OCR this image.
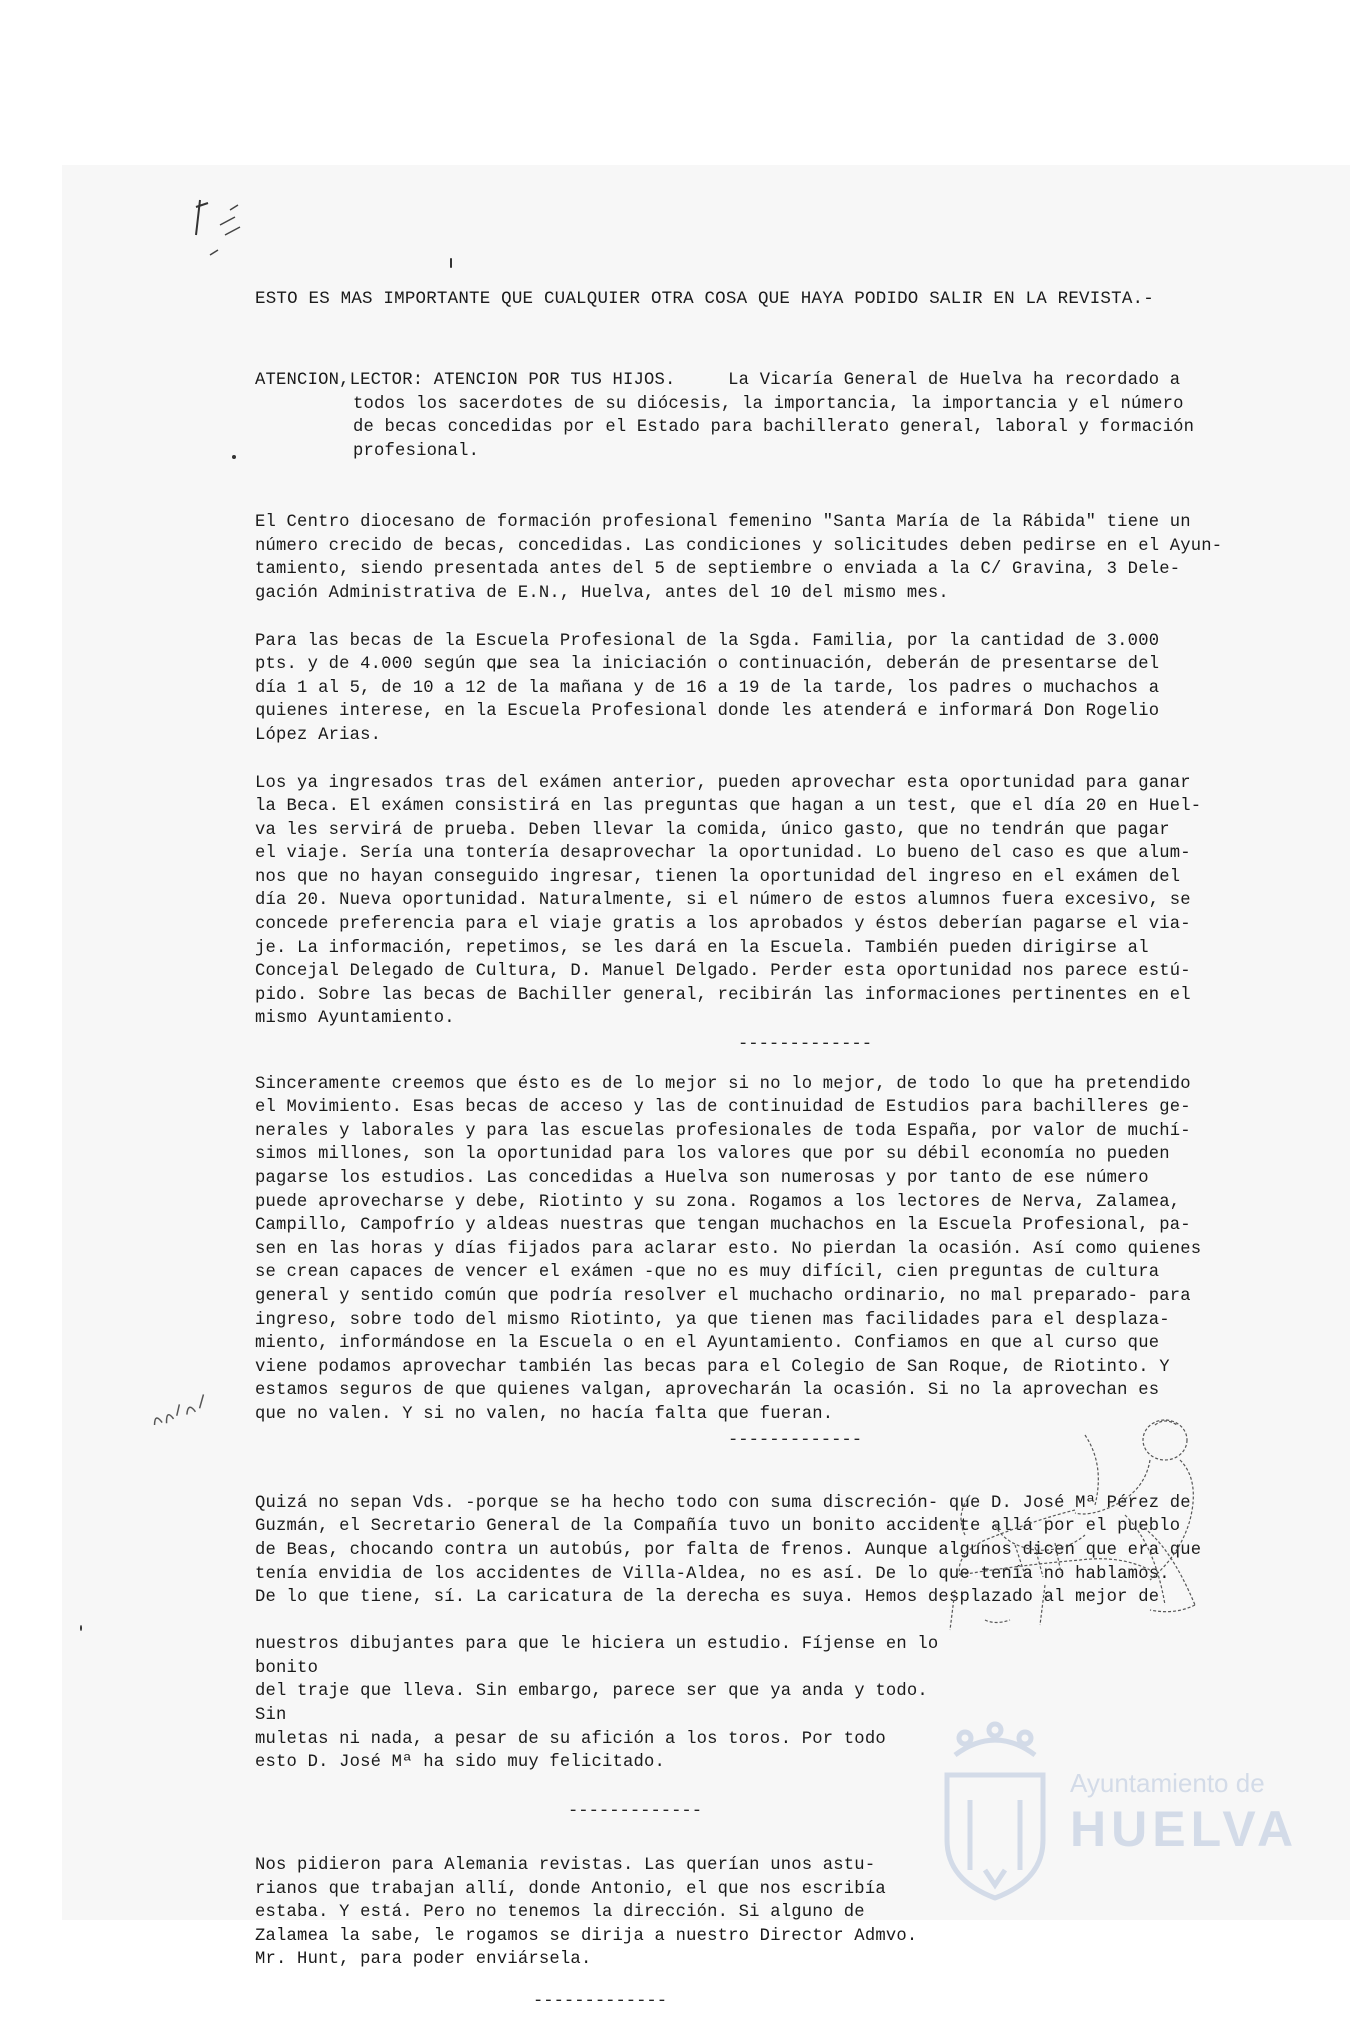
ESTO ES MAS IMPORTANTE QUE CUALQUIER OTRA COSA QUE HAYA PODIDO SALIR EN LA REVISTA.-

ATENCION,LECTOR: ATENCION POR TUS HIJOS.     La Vicaría General de Huelva ha recordado a

todos los sacerdotes de su diócesis, la importancia, la importancia y el número
de becas concedidas por el Estado para bachillerato general, laboral y formación
profesional.

El Centro diocesano de formación profesional femenino "Santa María de la Rábida" tiene un
número crecido de becas, concedidas. Las condiciones y solicitudes deben pedirse en el Ayun-
tamiento, siendo presentada antes del 5 de septiembre o enviada a la C/ Gravina, 3 Dele-
gación Administrativa de E.N., Huelva, antes del 10 del mismo mes.
Para las becas de la Escuela Profesional de la Sgda. Familia, por la cantidad de 3.000
pts. y de 4.000 según que sea la iniciación o continuación, deberán de presentarse del
día 1 al 5, de 10 a 12 de la mañana y de 16 a 19 de la tarde, los padres o muchachos a
quienes interese, en la Escuela Profesional donde les atenderá e informará Don Rogelio
López Arias.
Los ya ingresados tras del exámen anterior, pueden aprovechar esta oportunidad para ganar
la Beca. El exámen consistirá en las preguntas que hagan a un test, que el día 20 en Huel-
va les servirá de prueba. Deben llevar la comida, único gasto, que no tendrán que pagar
el viaje. Sería una tontería desaprovechar la oportunidad. Lo bueno del caso es que alum-
nos que no hayan conseguido ingresar, tienen la oportunidad del ingreso en el exámen del
día 20. Nueva oportunidad. Naturalmente, si el número de estos alumnos fuera excesivo, se
concede preferencia para el viaje gratis a los aprobados y éstos deberían pagarse el via-
je. La información, repetimos, se les dará en la Escuela. También pueden dirigirse al
Concejal Delegado de Cultura, D. Manuel Delgado. Perder esta oportunidad nos parece estú-
pido. Sobre las becas de Bachiller general, recibirán las informaciones pertinentes en el
mismo Ayuntamiento.
-------------
Sinceramente creemos que ésto es de lo mejor si no lo mejor, de todo lo que ha pretendido
el Movimiento. Esas becas de acceso y las de continuidad de Estudios para bachilleres ge-
nerales y laborales y para las escuelas profesionales de toda España, por valor de muchí-
simos millones, son la oportunidad para los valores que por su débil economía no pueden
pagarse los estudios. Las concedidas a Huelva son numerosas y por tanto de ese número
puede aprovecharse y debe, Riotinto y su zona. Rogamos a los lectores de Nerva, Zalamea,
Campillo, Campofrío y aldeas nuestras que tengan muchachos en la Escuela Profesional, pa-
sen en las horas y días fijados para aclarar esto. No pierdan la ocasión. Así como quienes
se crean capaces de vencer el exámen -que no es muy difícil, cien preguntas de cultura
general y sentido común que podría resolver el muchacho ordinario, no mal preparado- para
ingreso, sobre todo del mismo Riotinto, ya que tienen mas facilidades para el desplaza-
miento, informándose en la Escuela o en el Ayuntamiento. Confiamos en que al curso que
viene podamos aprovechar también las becas para el Colegio de San Roque, de Riotinto. Y
estamos seguros de que quienes valgan, aprovecharán la ocasión. Si no la aprovechan es
que no valen. Y si no valen, no hacía falta que fueran.
-------------

Quizá no sepan Vds. -porque se ha hecho todo con suma discreción- que D. José Mª Pérez de
Guzmán, el Secretario General de la Compañía tuvo un bonito accidente allá por el pueblo
de Beas, chocando contra un autobús, por falta de frenos. Aunque algunos dicen que era que
tenía envidia de los accidentes de Villa-Aldea, no es así. De lo que tenía no hablamos.
De lo que tiene, sí. La caricatura de la derecha es suya. Hemos desplazado al mejor de

nuestros dibujantes para que le hiciera un estudio. Fíjense en lo bonito
del traje que lleva. Sin embargo, parece ser que ya anda y todo. Sin
muletas ni nada, a pesar de su afición a los toros. Por todo
esto D. José Mª ha sido muy felicitado.

-------------
Nos pidieron para Alemania revistas. Las querían unos astu-
rianos que trabajan allí, donde Antonio, el que nos escribía
estaba. Y está. Pero no tenemos la dirección. Si alguno de
Zalamea la sabe, le rogamos se dirija a nuestro Director Admvo.
Mr. Hunt, para poder enviársela.
-------------
Ayuntamiento de
HUELVA
